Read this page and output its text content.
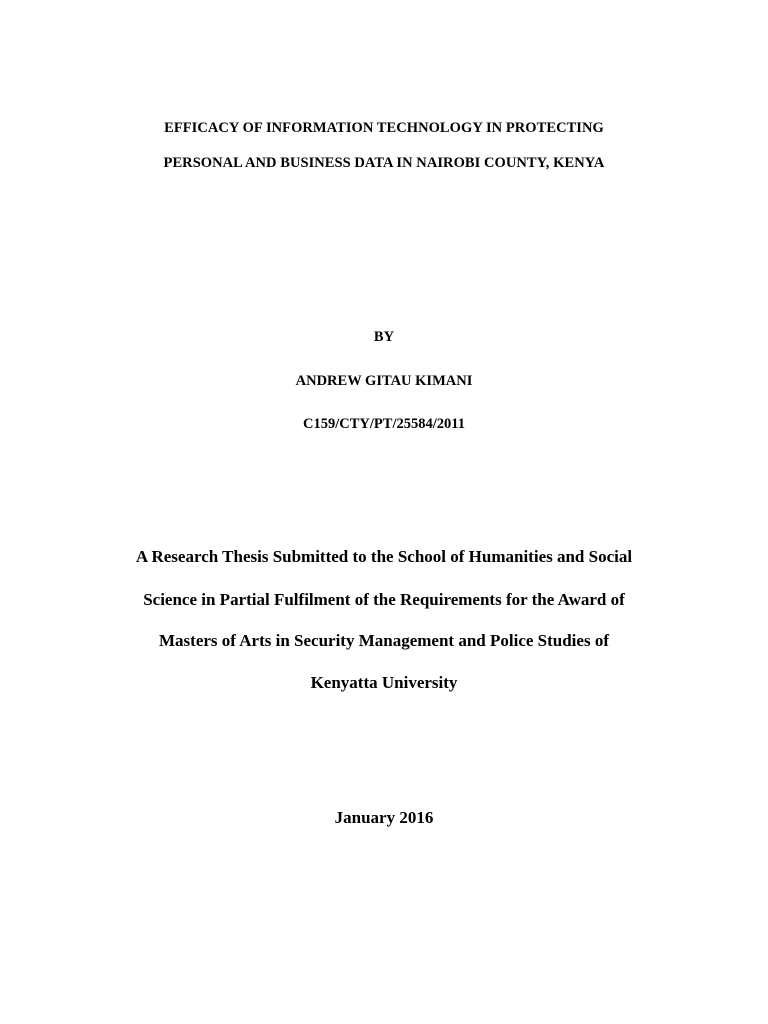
EFFICACY OF INFORMATION TECHNOLOGY IN PROTECTING
PERSONAL AND BUSINESS DATA IN NAIROBI COUNTY, KENYA
BY
ANDREW GITAU KIMANI
C159/CTY/PT/25584/2011
A Research Thesis Submitted to the School of Humanities and Social
Science in Partial Fulfilment of the Requirements for the Award of
Masters of Arts in Security Management and Police Studies of
Kenyatta University
January 2016
